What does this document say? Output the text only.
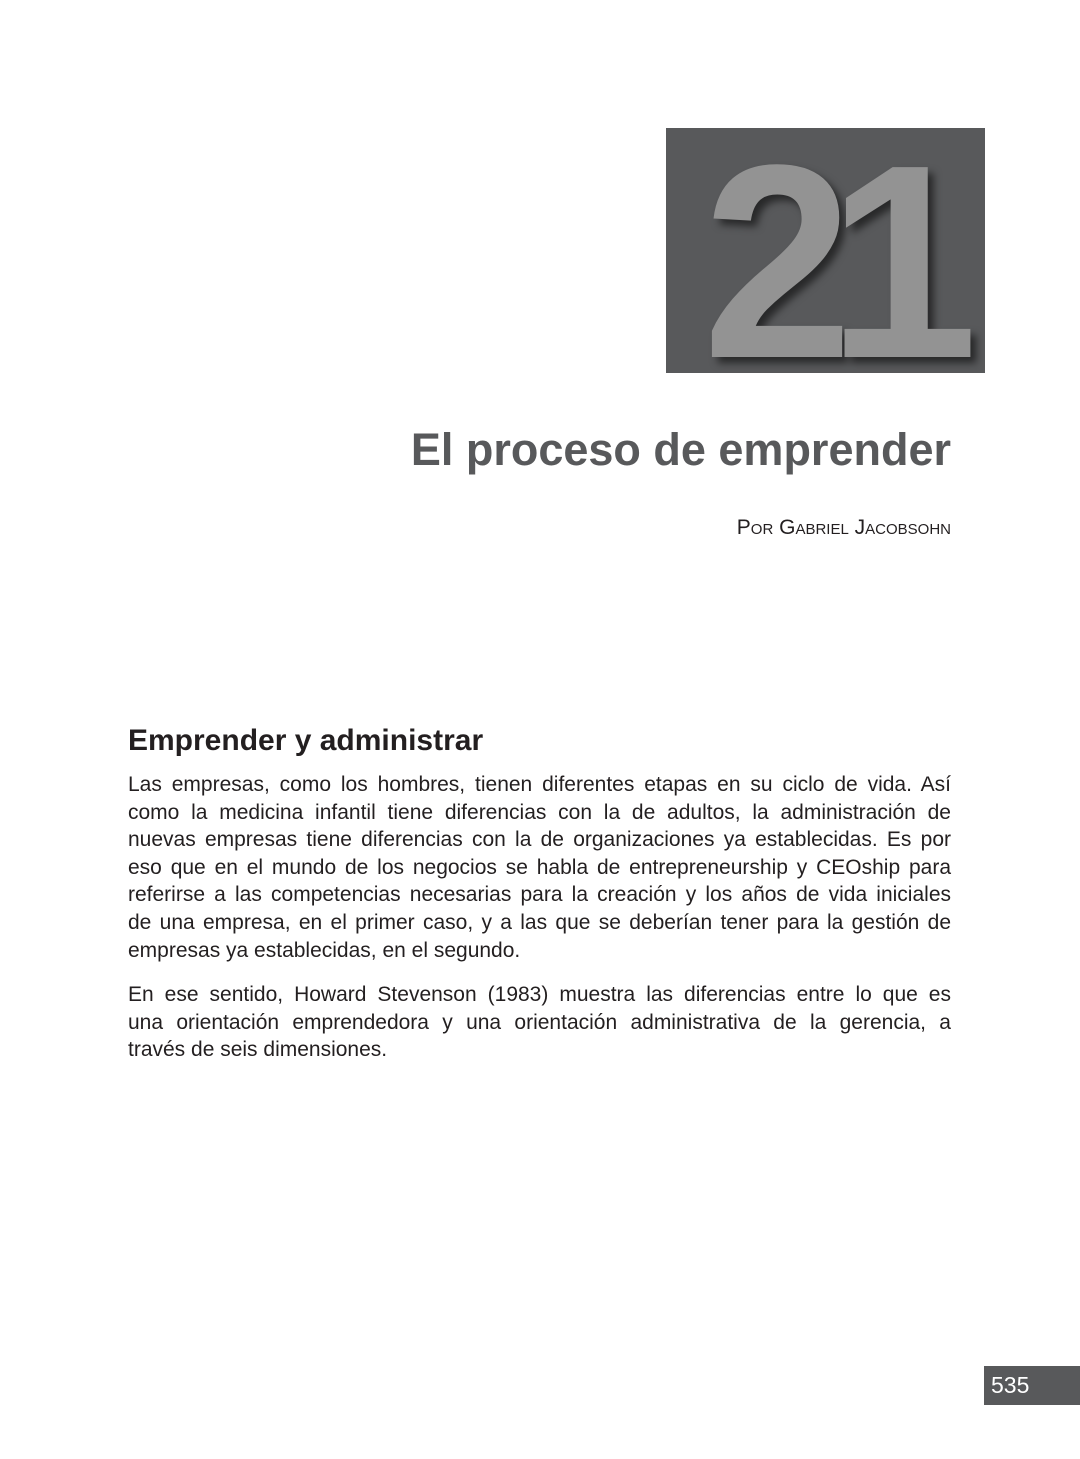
21
El proceso de emprender
Por Gabriel Jacobsohn
Emprender y administrar
Las empresas, como los hombres, tienen diferentes etapas en su ciclo de vida. Así
como la medicina infantil tiene diferencias con la de adultos, la administración de
nuevas empresas tiene diferencias con la de organizaciones ya establecidas. Es por
eso que en el mundo de los negocios se habla de entrepreneurship y CEOship para
referirse a las competencias necesarias para la creación y los años de vida iniciales
de una empresa, en el primer caso, y a las que se deberían tener para la gestión de
empresas ya establecidas, en el segundo.
En ese sentido, Howard Stevenson (1983) muestra las diferencias entre lo que es
una orientación emprendedora y una orientación administrativa de la gerencia, a
través de seis dimensiones.
535
